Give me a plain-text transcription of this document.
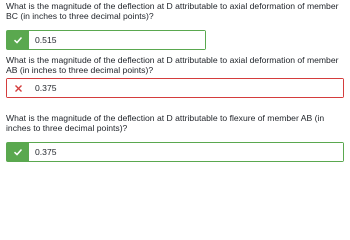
What is the magnitude of the deflection at D attributable to axial deformation of member BC (in inches to three decimal points)?

0.515

What is the magnitude of the deflection at D attributable to axial deformation of member AB (in inches to three decimal points)?

0.375

What is the magnitude of the deflection at D attributable to flexure of member AB (in inches to three decimal points)?

0.375
